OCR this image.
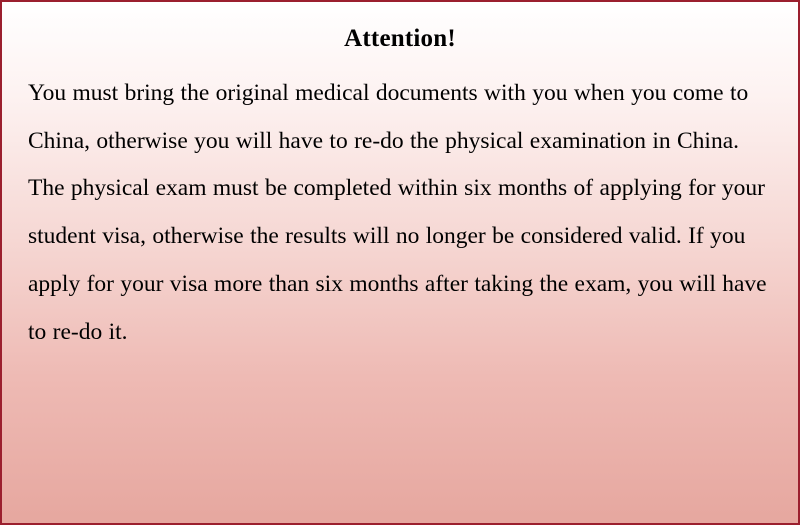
Attention!
You must bring the original medical documents with you when you come to China, otherwise you will have to re-do the physical examination in China. The physical exam must be completed within six months of applying for your student visa, otherwise the results will no longer be considered valid. If you apply for your visa more than six months after taking the exam, you will have to re-do it.
